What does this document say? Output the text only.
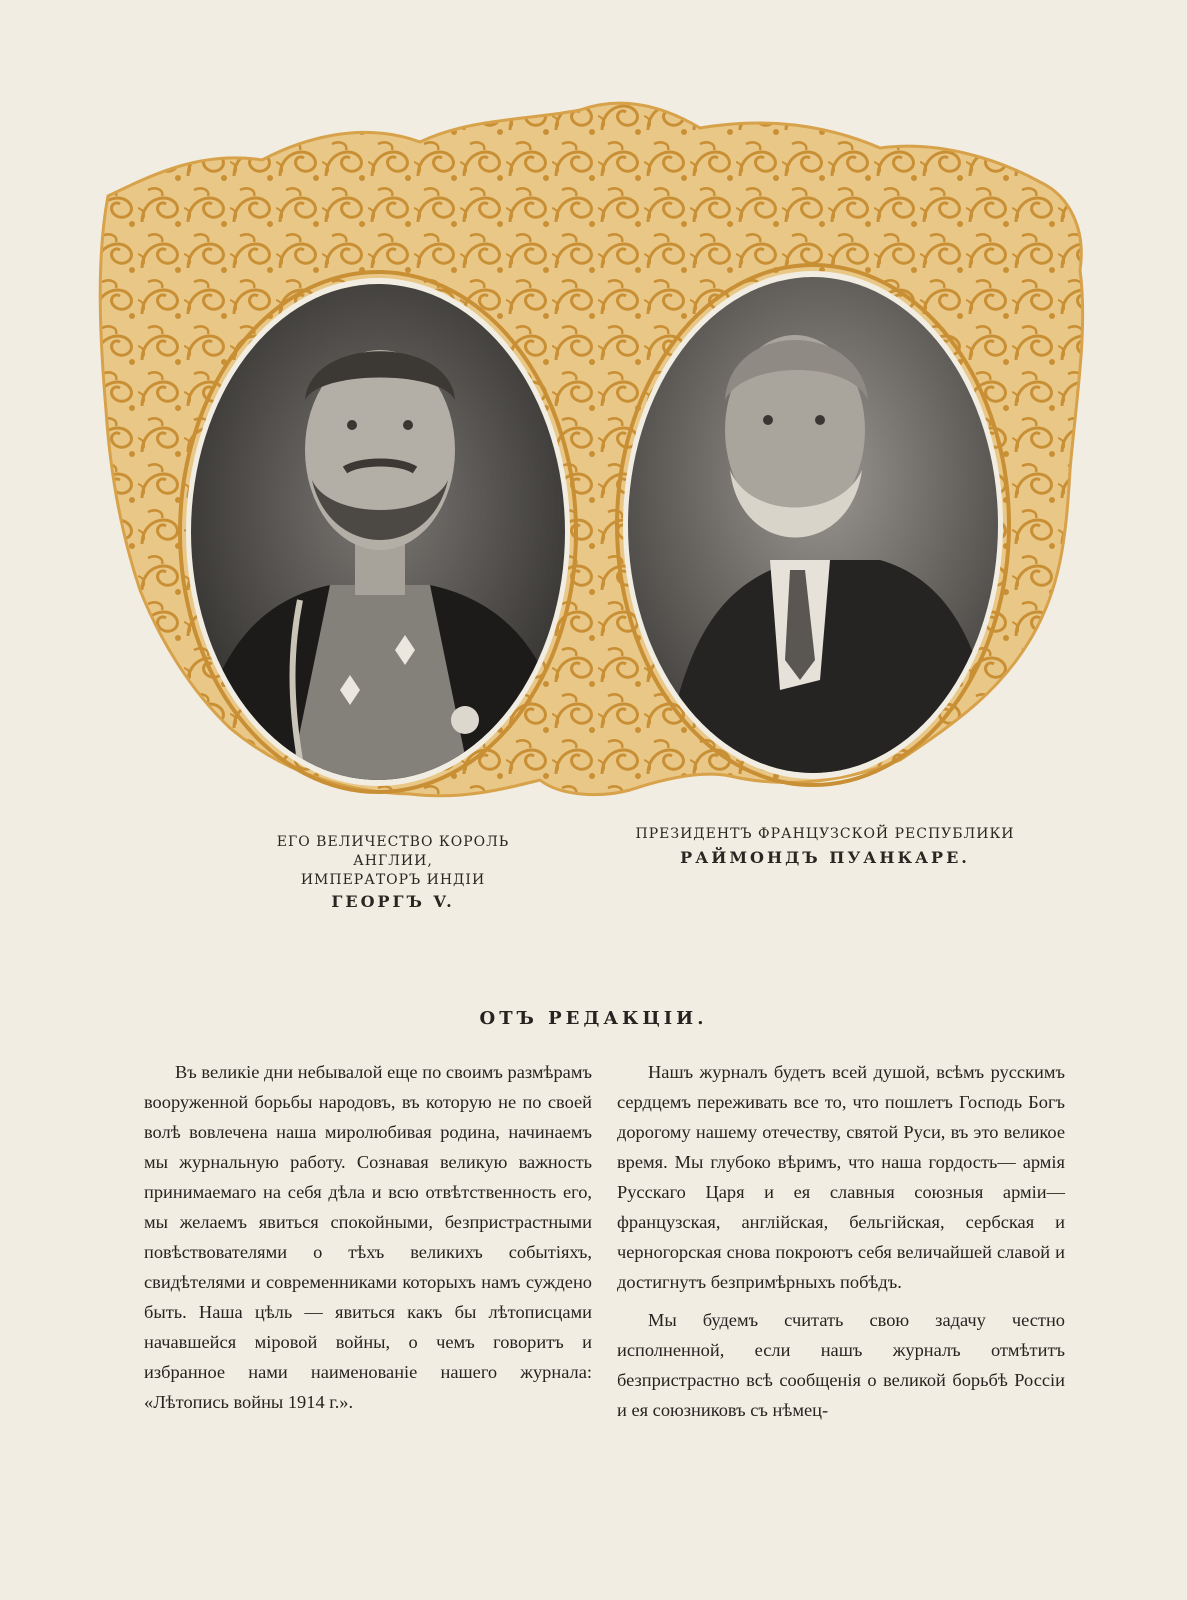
ЕГО ВЕЛИЧЕСТВО КОРОЛЬ АНГЛИИ,
ИМПЕРАТОРЪ ИНДІИ
ГЕОРГЪ V.
ПРЕЗИДЕНТЪ ФРАНЦУЗСКОЙ РЕСПУБЛИКИ
РАЙМОНДЪ ПУАНКАРЕ.
ОТЪ РЕДАКЦІИ.

Въ великіе дни небывалой еще по своимъ размѣрамъ вооруженной борьбы народовъ, въ которую не по своей волѣ вовлечена наша миролюбивая родина, начинаемъ мы журнальную работу. Сознавая великую важность принимаемаго на себя дѣла и всю отвѣтственность его, мы желаемъ явиться спокойными, безпристрастными повѣствователями о тѣхъ великихъ событіяхъ, свидѣтелями и современниками которыхъ намъ суждено быть. Наша цѣль — явиться какъ бы лѣтописцами начавшейся міровой войны, о чемъ говоритъ и избранное нами наименованіе нашего журнала: «Лѣтопись войны 1914 г.».

Нашъ журналъ будетъ всей душой, всѣмъ русскимъ сердцемъ переживать все то, что пошлетъ Господь Богъ дорогому нашему отечеству, святой Руси, въ это великое время. Мы глубоко вѣримъ, что наша гордость— армія Русскаго Царя и ея славныя союзныя арміи—французская, англійская, бельгійская, сербская и черногорская снова покроютъ себя величайшей славой и достигнутъ безпримѣрныхъ побѣдъ.

Мы будемъ считать свою задачу честно исполненной, если нашъ журналъ отмѣтитъ безпристрастно всѣ сообщенія о великой борьбѣ Россіи и ея союзниковъ съ нѣмец-
